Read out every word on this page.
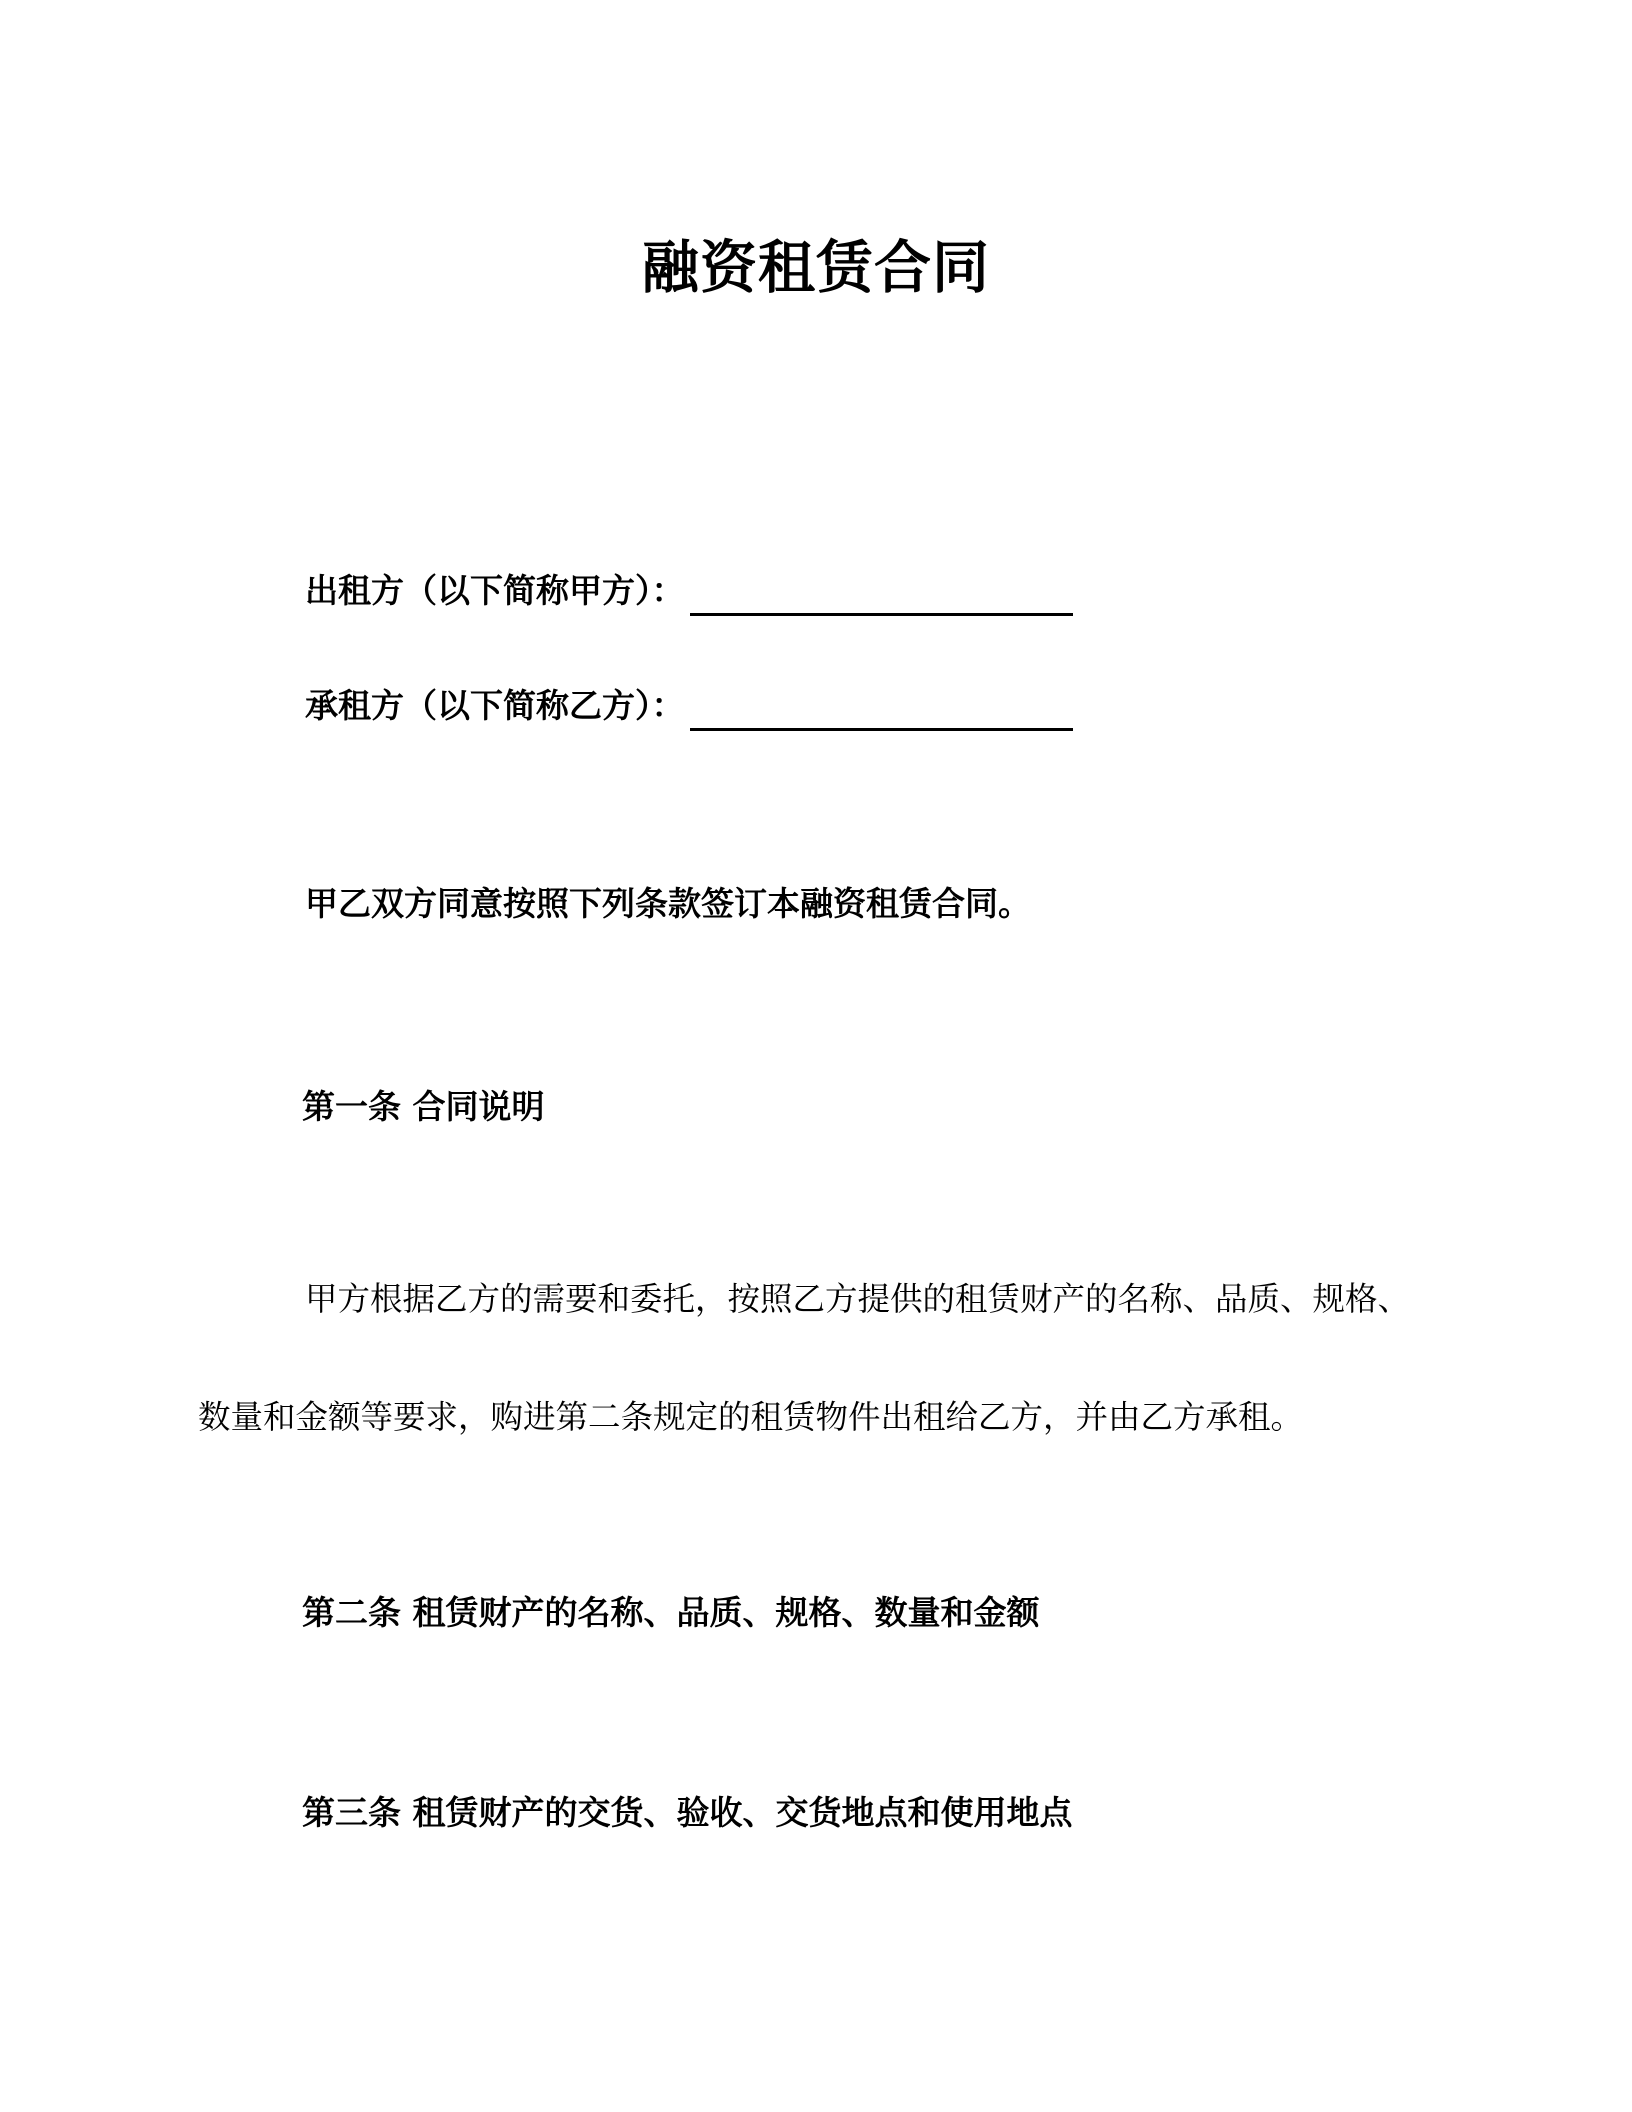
融资租赁合同
出租方（以下简称甲方）：
承租方（以下简称乙方）：
甲乙双方同意按照下列条款签订本融资租赁合同。
第一条 合同说明
甲方根据乙方的需要和委托，按照乙方提供的租赁财产的名称、品质、规格、
数量和金额等要求，购进第二条规定的租赁物件出租给乙方，并由乙方承租。
第二条 租赁财产的名称、品质、规格、数量和金额
第三条 租赁财产的交货、验收、交货地点和使用地点
